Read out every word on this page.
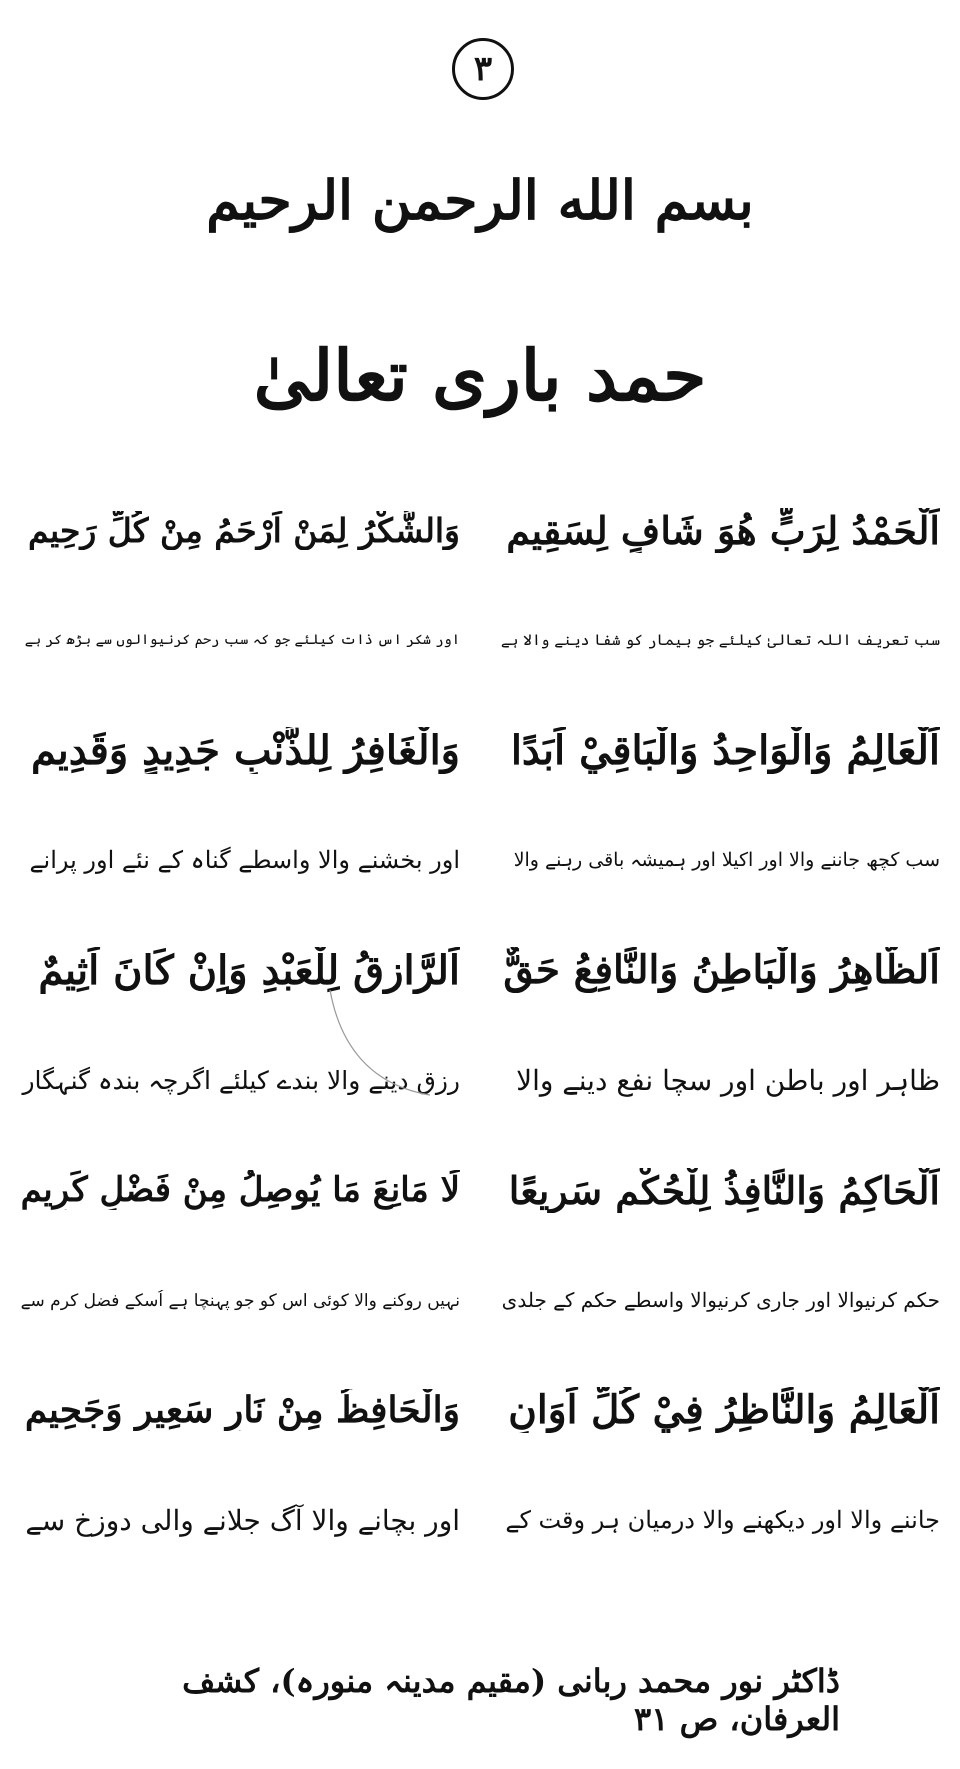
٣
بسم الله الرحمن الرحيم
حمد باری تعالیٰ
اَلْحَمْدُ لِرَبٍّ هُوَ شَافٍ لِسَقِيمٍ
وَالشُّكْرُ لِمَنْ اَرْحَمُ مِنْ كُلِّ رَحِيمٍ
سب تعریف اللہ تعالیٰ کیلئے جو بیمار کو شفا دینے والا ہے
اور شکر اس ذات کیلئے جو کہ سب رحم کرنیوالوں سے بڑھ کر ہے
اَلْعَالِمُ وَالْوَاحِدُ وَالْبَاقِيْ اَبَدًا
وَالْغَافِرُ لِلذَّنْبِ جَدِيدٍ وَقَدِيمٍ
سب کچھ جاننے والا اور اکیلا اور ہمیشہ باقی رہنے والا
اور بخشنے والا واسطے گناہ کے نئے اور پرانے
اَلظَّاهِرُ وَالْبَاطِنُ وَالنَّافِعُ حَقٌّ
اَلرَّازِقُ لِلْعَبْدِ وَاِنْ كَانَ اَثِيمٌ
ظاہر اور باطن اور سچا نفع دینے والا
رزق دینے والا بندے کیلئے اگرچہ بندہ گنہگار
اَلْحَاكِمُ وَالنَّافِذُ لِلْحُكْمِ سَرِيعًا
لَا مَانِعَ مَا يُوصِلُ مِنْ فَضْلٍ كَرِيمٍ
حکم کرنیوالا اور جاری کرنیوالا واسطے حکم کے جلدی
نہیں روکنے والا کوئی اس کو جو پہنچا ہے اُسکے فضل کرم سے
اَلْعَالِمُ وَالنَّاظِرُ فِيْ كُلِّ اَوَانٍ
وَالْحَافِظُ مِنْ نَارٍ سَعِيرٍ وَجَحِيمٍ
جاننے والا اور دیکھنے والا درمیان ہر وقت کے
اور بچانے والا آگ جلانے والی دوزخ سے
ڈاکٹر نور محمد ربانی (مقیم مدینہ منورہ)، کشف العرفان، ص ۳۱
